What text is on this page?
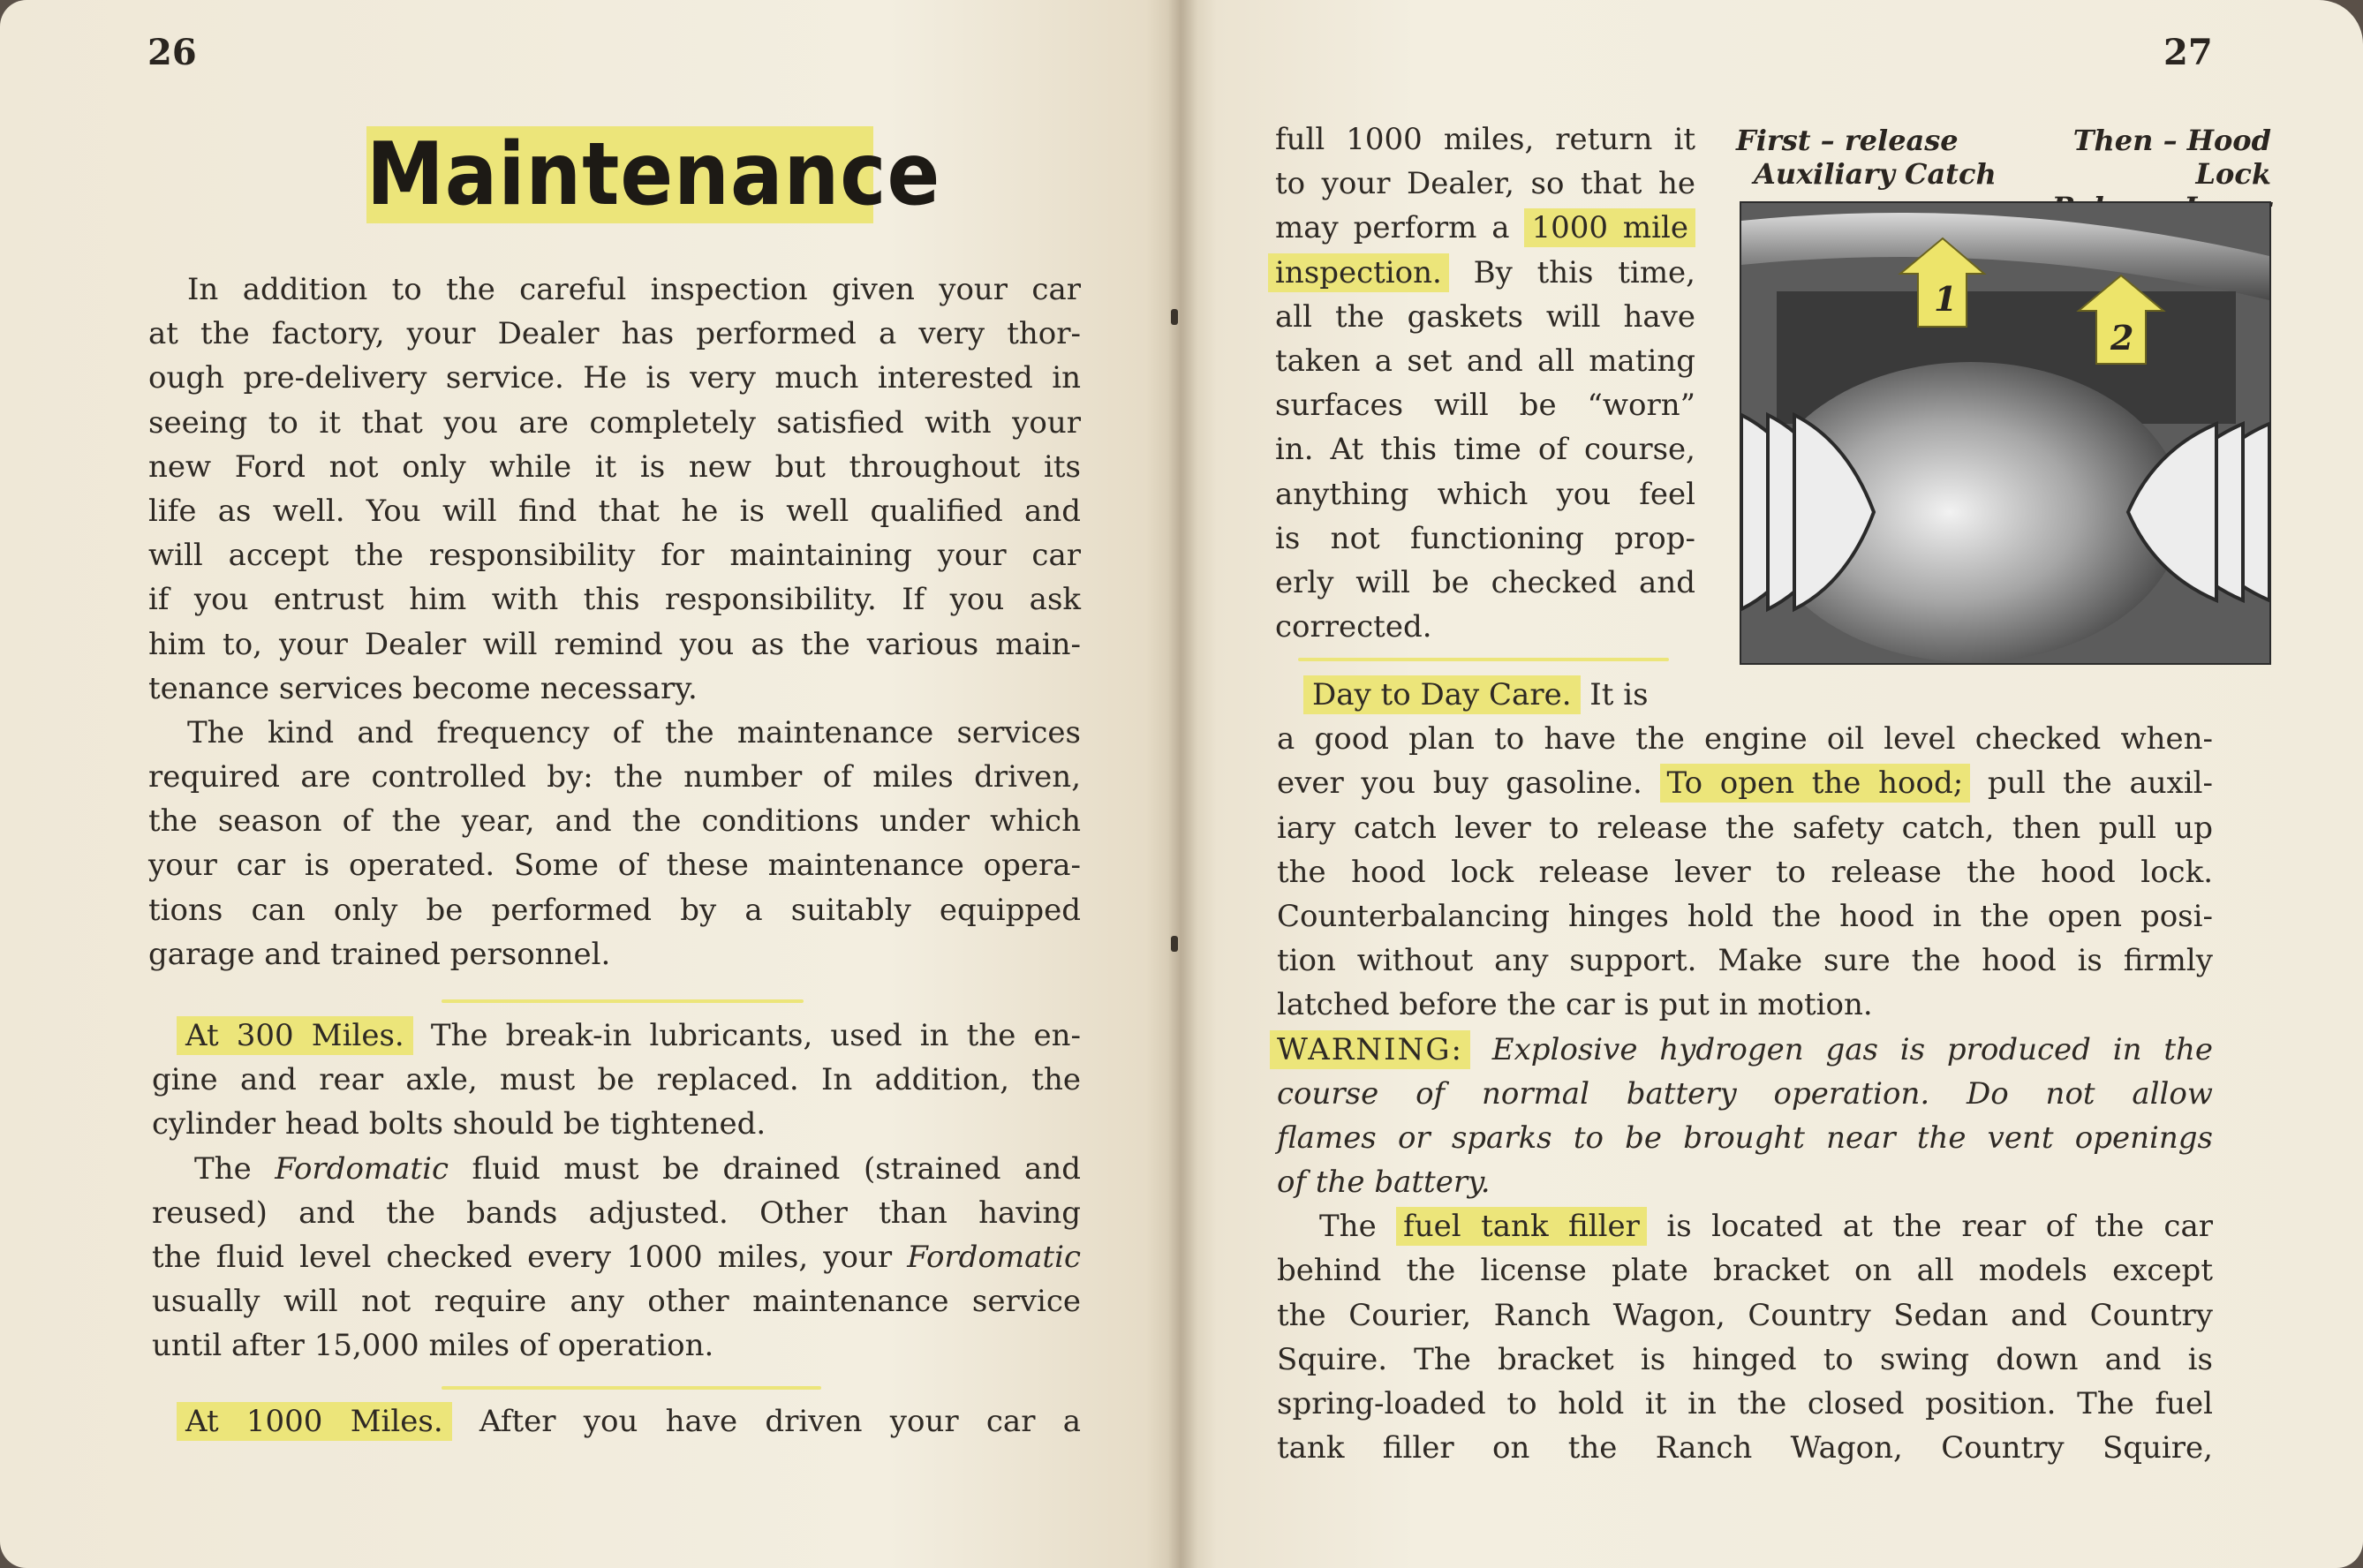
26
Maintenance
In addition to the careful inspection given your car
at the factory, your Dealer has performed a very thor-
ough pre-delivery service. He is very much interested in
seeing to it that you are completely satisfied with your
new Ford not only while it is new but throughout its
life as well. You will find that he is well qualified and
will accept the responsibility for maintaining your car
if you entrust him with this responsibility. If you ask
him to, your Dealer will remind you as the various main-
tenance services become necessary.
The kind and frequency of the maintenance services
required are controlled by: the number of miles driven,
the season of the year, and the conditions under which
your car is operated. Some of these maintenance opera-
tions can only be performed by a suitably equipped
garage and trained personnel.
At 300 Miles. The break-in lubricants, used in the en-
gine and rear axle, must be replaced. In addition, the
cylinder head bolts should be tightened.
The Fordomatic fluid must be drained (strained and
reused) and the bands adjusted. Other than having
the fluid level checked every 1000 miles, your Fordomatic
usually will not require any other maintenance service
until after 15,000 miles of operation.
At 1000 Miles. After you have driven your car a
27
full 1000 miles, return it
to your Dealer, so that he
may perform a 1000 mile
inspection. By this time,
all the gaskets will have
taken a set and all mating
surfaces will be “worn”
in. At this time of course,
anything which you feel
is not functioning prop-
erly will be checked and
corrected.
First – release
Auxiliary Catch
Then – Hood Lock
1
2
Day to Day Care. It is
a good plan to have the engine oil level checked when-
ever you buy gasoline. To open the hood; pull the auxil-
iary catch lever to release the safety catch, then pull up
the hood lock release lever to release the hood lock.
Counterbalancing hinges hold the hood in the open posi-
tion without any support. Make sure the hood is firmly
latched before the car is put in motion.
WARNING: Explosive hydrogen gas is produced in the
course of normal battery operation. Do not allow
flames or sparks to be brought near the vent openings
of the battery.
The fuel tank filler is located at the rear of the car
behind the license plate bracket on all models except
the Courier, Ranch Wagon, Country Sedan and Country
Squire. The bracket is hinged to swing down and is
spring-loaded to hold it in the closed position. The fuel
tank filler on the Ranch Wagon, Country Squire,
